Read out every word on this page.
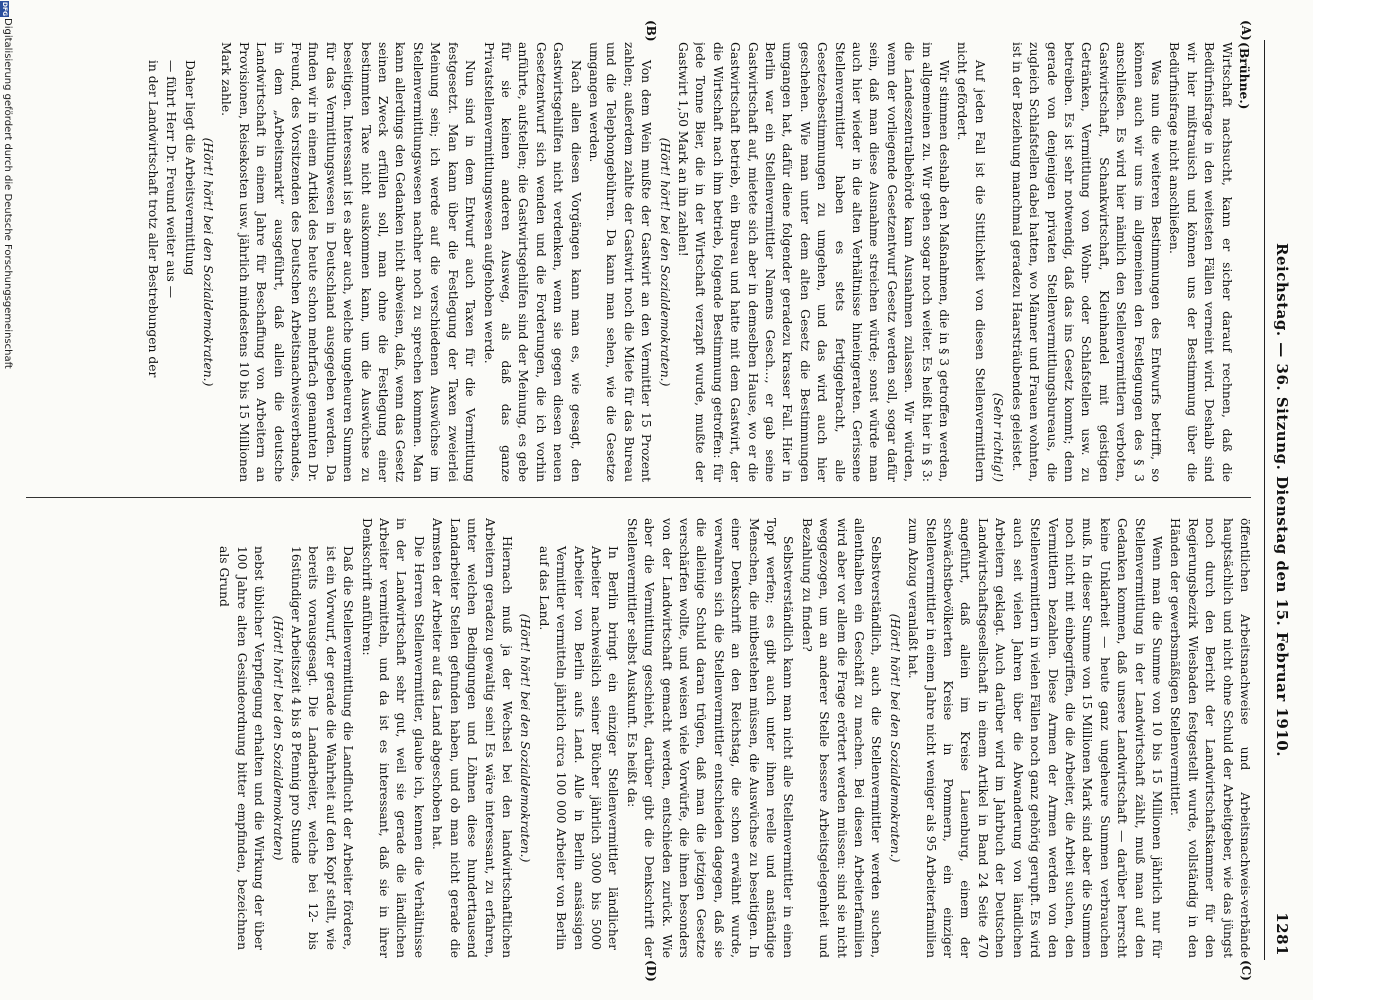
Reichstag. — 36. Sitzung. Dienstag den 15. Februar 1910.
1281
(A)
(B)
(C)
(D)

(Brühne.)

Wirtschaft nachsucht, kann er sicher darauf rechnen, daß die Bedürfnisfrage in den weitesten Fällen verneint wird. Deshalb sind wir hier mißtrauisch und können uns der Bestimmung über die Bedürfnisfrage nicht anschließen.

Was nun die weiteren Bestimmungen des Entwurfs betrifft, so können auch wir uns im allgemeinen den Festlegungen des § 3 anschließen. Es wird hier nämlich den Stellenvermittlern verboten, Gastwirtschaft, Schankwirtschaft, Kleinhandel mit geistigen Getränken, Vermittlung von Wohn- oder Schlafstellen usw. zu betreiben. Es ist sehr notwendig, daß das ins Gesetz kommt; denn gerade von denjenigen privaten Stellenvermittlungsbureaus, die zugleich Schlafstellen dabei hatten, wo Männer und Frauen wohnten, ist in der Beziehung manchmal geradezu Haarsträubendes geleistet.

(Sehr richtig!)

Auf jeden Fall ist die Sittlichkeit von diesen Stellenvermittlern nicht gefördert.

Wir stimmen deshalb den Maßnahmen, die in § 3 getroffen werden, im allgemeinen zu. Wir gehen sogar noch weiter. Es heißt hier in § 3: die Landeszentralbehörde kann Ausnahmen zulassen. Wir würden, wenn der vorliegende Gesetzentwurf Gesetz werden soll, sogar dafür sein, daß man diese Ausnahme streichen würde; sonst würde man auch hier wieder in die alten Verhältnisse hineingeraten. Gerissene Stellenvermittler haben es stets fertiggebracht, alle Gesetzesbestimmungen zu umgehen, und das wird auch hier geschehen. Wie man unter dem alten Gesetz die Bestimmungen umgangen hat, dafür diene folgender geradezu krasser Fall. Hier in Berlin war ein Stellenvermittler Namens Gesch..., er gab seine Gastwirtschaft auf, mietete sich aber in demselben Hause, wo er die Gastwirtschaft betrieb, ein Bureau und hatte mit dem Gastwirt, der die Wirtschaft nach ihm betrieb, folgende Bestimmung getroffen: für jede Tonne Bier, die in der Wirtschaft verzapft wurde, mußte der Gastwirt 1,50 Mark an ihn zahlen!

(Hört! hört! bei den Sozialdemokraten.)

Von dem Wein mußte der Gastwirt an den Vermittler 15 Prozent zahlen; außerdem zahlte der Gastwirt noch die Miete für das Bureau und die Telephongebühren. Da kann man sehen, wie die Gesetze umgangen werden.

Nach allen diesen Vorgängen kann man es, wie gesagt, den Gastwirtsgehilfen nicht verdenken, wenn sie gegen diesen neuen Gesetzentwurf sich wenden und die Forderungen, die ich vorhin anführte, aufstellen; die Gastwirtsgehilfen sind der Meinung, es gebe für sie keinen anderen Ausweg, als daß das ganze Privatstellenvermittlungswesen aufgehoben werde.

Nun sind in dem Entwurf auch Taxen für die Vermittlung festgesetzt. Man kann über die Festlegung der Taxen zweierlei Meinung sein; ich werde auf die verschiedenen Auswüchse im Stellenvermittlungswesen nachher noch zu sprechen kommen. Man kann allerdings den Gedanken nicht abweisen, daß, wenn das Gesetz seinen Zweck erfüllen soll, man ohne die Festlegung einer bestimmten Taxe nicht auskommen kann, um die Auswüchse zu beseitigen. Interessant ist es aber auch, welche ungeheuren Summen für das Vermittlungswesen in Deutschland ausgegeben werden. Da finden wir in einem Artikel des heute schon mehrfach genannten Dr. Freund, des Vorsitzenden des Deutschen Arbeitsnachweisverbandes, in dem „Arbeitsmarkt“ ausgeführt, daß allein die deutsche Landwirtschaft in einem Jahre für Beschaffung von Arbeitern an Provisionen, Reisekosten usw. jährlich mindestens 10 bis 15 Millionen Mark zahle.

(Hört! hört! bei den Sozialdemokraten.)

Daher liegt die Arbeitsvermittlung

— führt Herr Dr. Freund weiter aus —

in der Landwirtschaft trotz aller Bestrebungen der

öffentlichen Arbeitsnachweise und Arbeitsnachweis-verbände hauptsächlich und nicht ohne Schuld der Arbeitgeber, wie das jüngst noch durch den Bericht der Landwirtschaftskammer für den Regierungsbezirk Wiesbaden festgestellt wurde, vollständig in den Händen der gewerbsmäßigen Stellenvermittler.

Wenn man die Summe von 10 bis 15 Millionen jährlich nur für Stellenvermittlung in der Landwirtschaft zählt, muß man auf den Gedanken kommen, daß unsere Landwirtschaft — darüber herrscht keine Unklarheit — heute ganz ungeheure Summen verbrauchen muß. In dieser Summe von 15 Millionen Mark sind aber die Summen noch nicht mit einbegriffen, die die Arbeiter, die Arbeit suchen, den Vermittlern bezahlen. Diese Armen der Armen werden von den Stellenvermittlern in vielen Fällen noch ganz gehörig gerupft. Es wird auch seit vielen Jahren über die Abwanderung von ländlichen Arbeitern geklagt. Auch darüber wird im Jahrbuch der Deutschen Landwirtschaftsgesellschaft in einem Artikel in Band 24 Seite 470 angeführt, daß allein im Kreise Lauenburg, einem der schwächstbevölkerten Kreise in Pommern, ein einziger Stellenvermittler in einem Jahre nicht weniger als 95 Arbeiterfamilien zum Abzug veranlaßt hat.

(Hört! hört! bei den Sozialdemokraten.)

Selbstverständlich, auch die Stellenvermittler werden suchen, allenthalben ein Geschäft zu machen. Bei diesen Arbeiterfamilien wird aber vor allem die Frage erörtert werden müssen: sind sie nicht weggezogen, um an anderer Stelle bessere Arbeitsgelegenheit und Bezahlung zu finden?

Selbstverständlich kann man nicht alle Stellenvermittler in einen Topf werfen; es gibt auch unter ihnen reelle und anständige Menschen, die mitbestehen müssen, die Auswüchse zu beseitigen. In einer Denkschrift an den Reichstag, die schon erwähnt wurde, verwahren sich die Stellenvermittler entschieden dagegen, daß sie die alleinige Schuld daran trügen, daß man die jetzigen Gesetze verschärfen wollte, und weisen viele Vorwürfe, die ihnen besonders von der Landwirtschaft gemacht werden, entschieden zurück. Wie aber die Vermittlung geschieht, darüber gibt die Denkschrift der Stellenvermittler selbst Auskunft. Es heißt da:

In Berlin bringt ein einziger Stellenvermittler ländlicher Arbeiter nachweislich seiner Bücher jährlich 3000 bis 5000 Arbeiter von Berlin aufs Land. Alle in Berlin ansässigen Vermittler vermitteln jährlich circa 100 000 Arbeiter von Berlin auf das Land.

(Hört! hört! bei den Sozialdemokraten.)

Hiernach muß ja der Wechsel bei den landwirtschaftlichen Arbeitern geradezu gewaltig sein! Es wäre interessant, zu erfahren, unter welchen Bedingungen und Löhnen diese hunderttausend Landarbeiter Stellen gefunden haben, und ob man nicht gerade die Armsten der Arbeiter auf das Land abgeschoben hat.

Die Herren Stellenvermittler, glaube ich, kennen die Verhältnisse in der Landwirtschaft sehr gut, weil sie gerade die ländlichen Arbeiter vermitteln, und da ist es interessant, daß sie in ihrer Denkschrift anführen:

Daß die Stellenvermittlung die Landflucht der Arbeiter fördere, ist ein Vorwurf, der gerade die Wahrheit auf den Kopf stellt, wie bereits vorausgesagt. Die Landarbeiter, welche bei 12- bis 16stündiger Arbeitszeit 4 bis 8 Pfennig pro Stunde

(Hört! hört! bei den Sozialdemokraten)

nebst üblicher Verpflegung erhalten und die Wirkung der über 100 Jahre alten Gesindeordnung bitter empfinden, bezeichnen als Grund

Digitalisierung gefördert durch die Deutsche Forschungsgemeinschaft
DFG
